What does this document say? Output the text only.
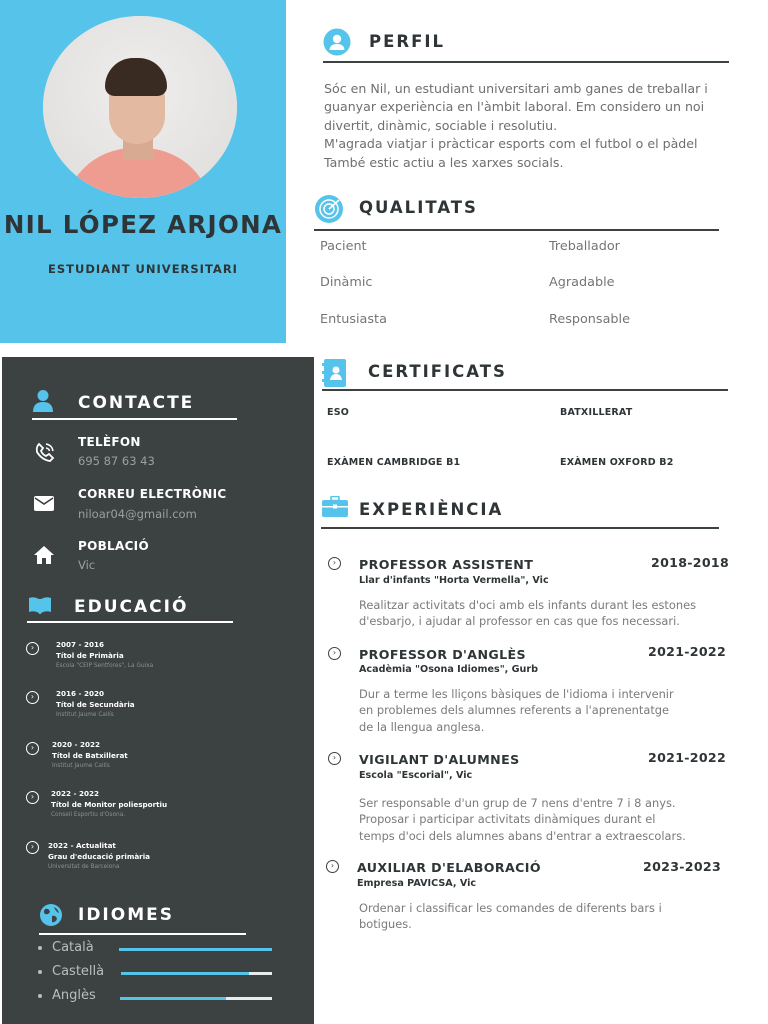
NIL LÓPEZ ARJONA
ESTUDIANT UNIVERSITARI
CONTACTE
TELÈFON
695 87 63 43
CORREU ELECTRÒNIC
niloar04@gmail.com
POBLACIÓ
Vic
EDUCACIÓ
›	2007 - 2016
Títol de Primària
Escola "CEIP Sentfores", La Guixa
›	2016 - 2020
Títol de Secundària
Institut Jaume Callís
›	2020 - 2022
Títol de Batxillerat
Institut Jaume Callís
›	2022 - 2022
Títol de Monitor poliesportiu
Consell Esportiu d'Osona.
›	2022 - Actualitat
Grau d'educació primària
Universitat de Barcelona
IDIOMES
Català
Castellà
Anglès
PERFIL
Sóc en Nil, un estudiant universitari amb ganes de treballar i
guanyar experiència en l'àmbit laboral. Em considero un noi
divertit, dinàmic, sociable i resolutiu.
M'agrada viatjar i pràcticar esports com el futbol o el pàdel
També estic actiu a les xarxes socials.
QUALITATS
Pacient	Treballador
Dinàmic	Agradable
Entusiasta	Responsable
CERTIFICATS
ESO	BATXILLERAT
EXÀMEN CAMBRIDGE B1	EXÀMEN OXFORD B2
EXPERIÈNCIA
›	PROFESSOR ASSISTENT	2018-2018
Llar d'infants "Horta Vermella", Vic
Realitzar activitats d'oci amb els infants durant les estones
d'esbarjo, i ajudar al professor en cas que fos necessari.
›	PROFESSOR D'ANGLÈS	2021-2022
Acadèmia "Osona Idiomes", Gurb
Dur a terme les lliçons bàsiques de l'idioma i intervenir
en problemes dels alumnes referents a l'aprenentatge
de la llengua anglesa.
›	VIGILANT D'ALUMNES	2021-2022
Escola "Escorial", Vic
Ser responsable d'un grup de 7 nens d'entre 7 i 8 anys.
Proposar i participar activitats dinàmiques durant el
temps d'oci dels alumnes abans d'entrar a extraescolars.
›	AUXILIAR D'ELABORACIÓ	2023-2023
Empresa PAVICSA, Vic
Ordenar i classificar les comandes de diferents bars i
botigues.
